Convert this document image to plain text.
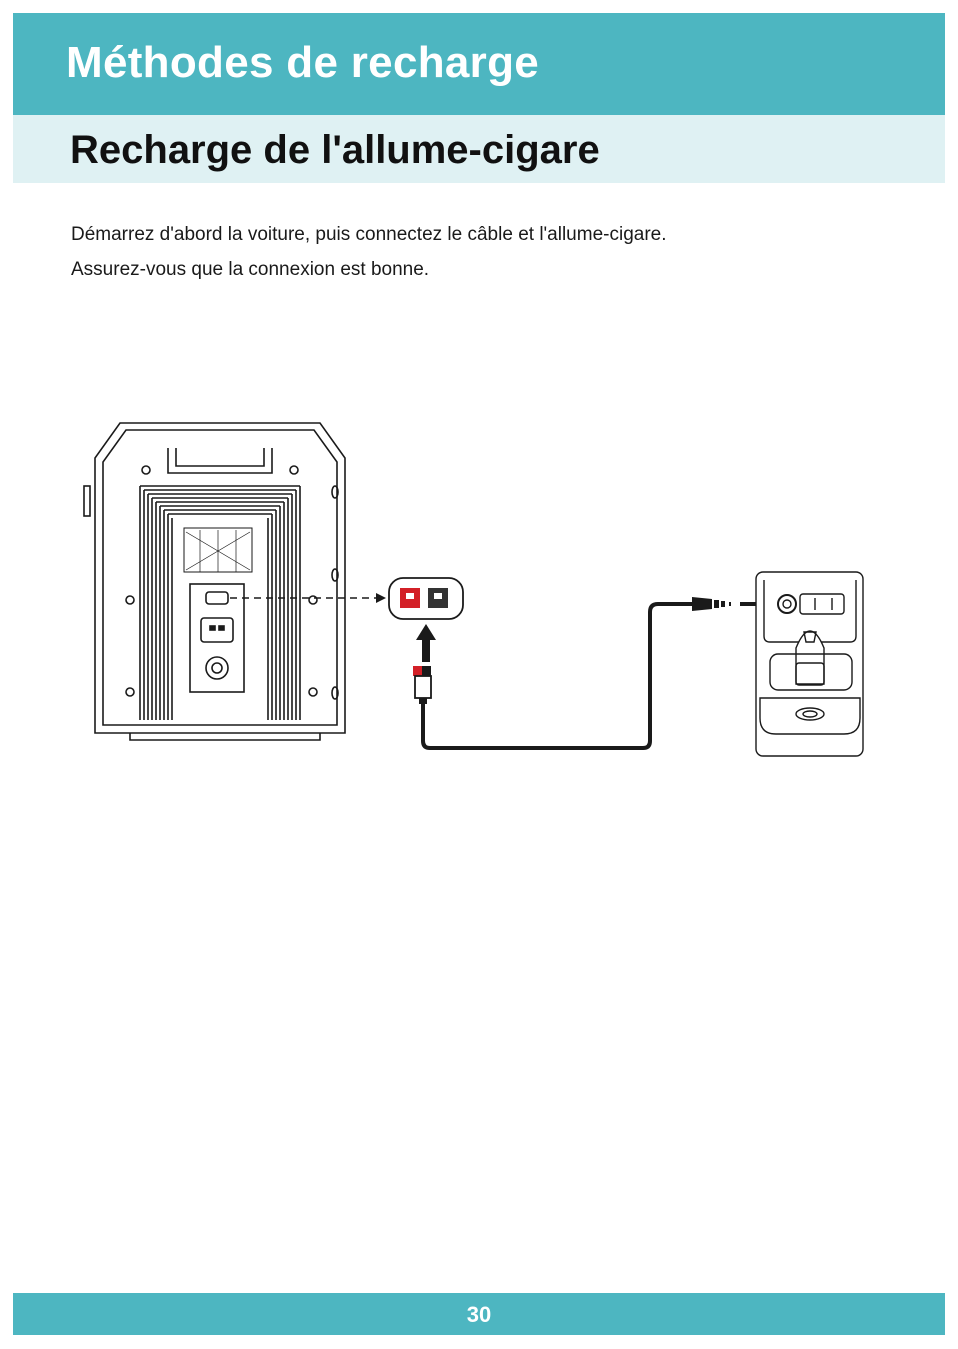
Méthodes de recharge
Recharge de l'allume-cigare

Démarrez d'abord la voiture, puis connectez le câble et l'allume-cigare.

Assurez-vous que la connexion est bonne.

30
